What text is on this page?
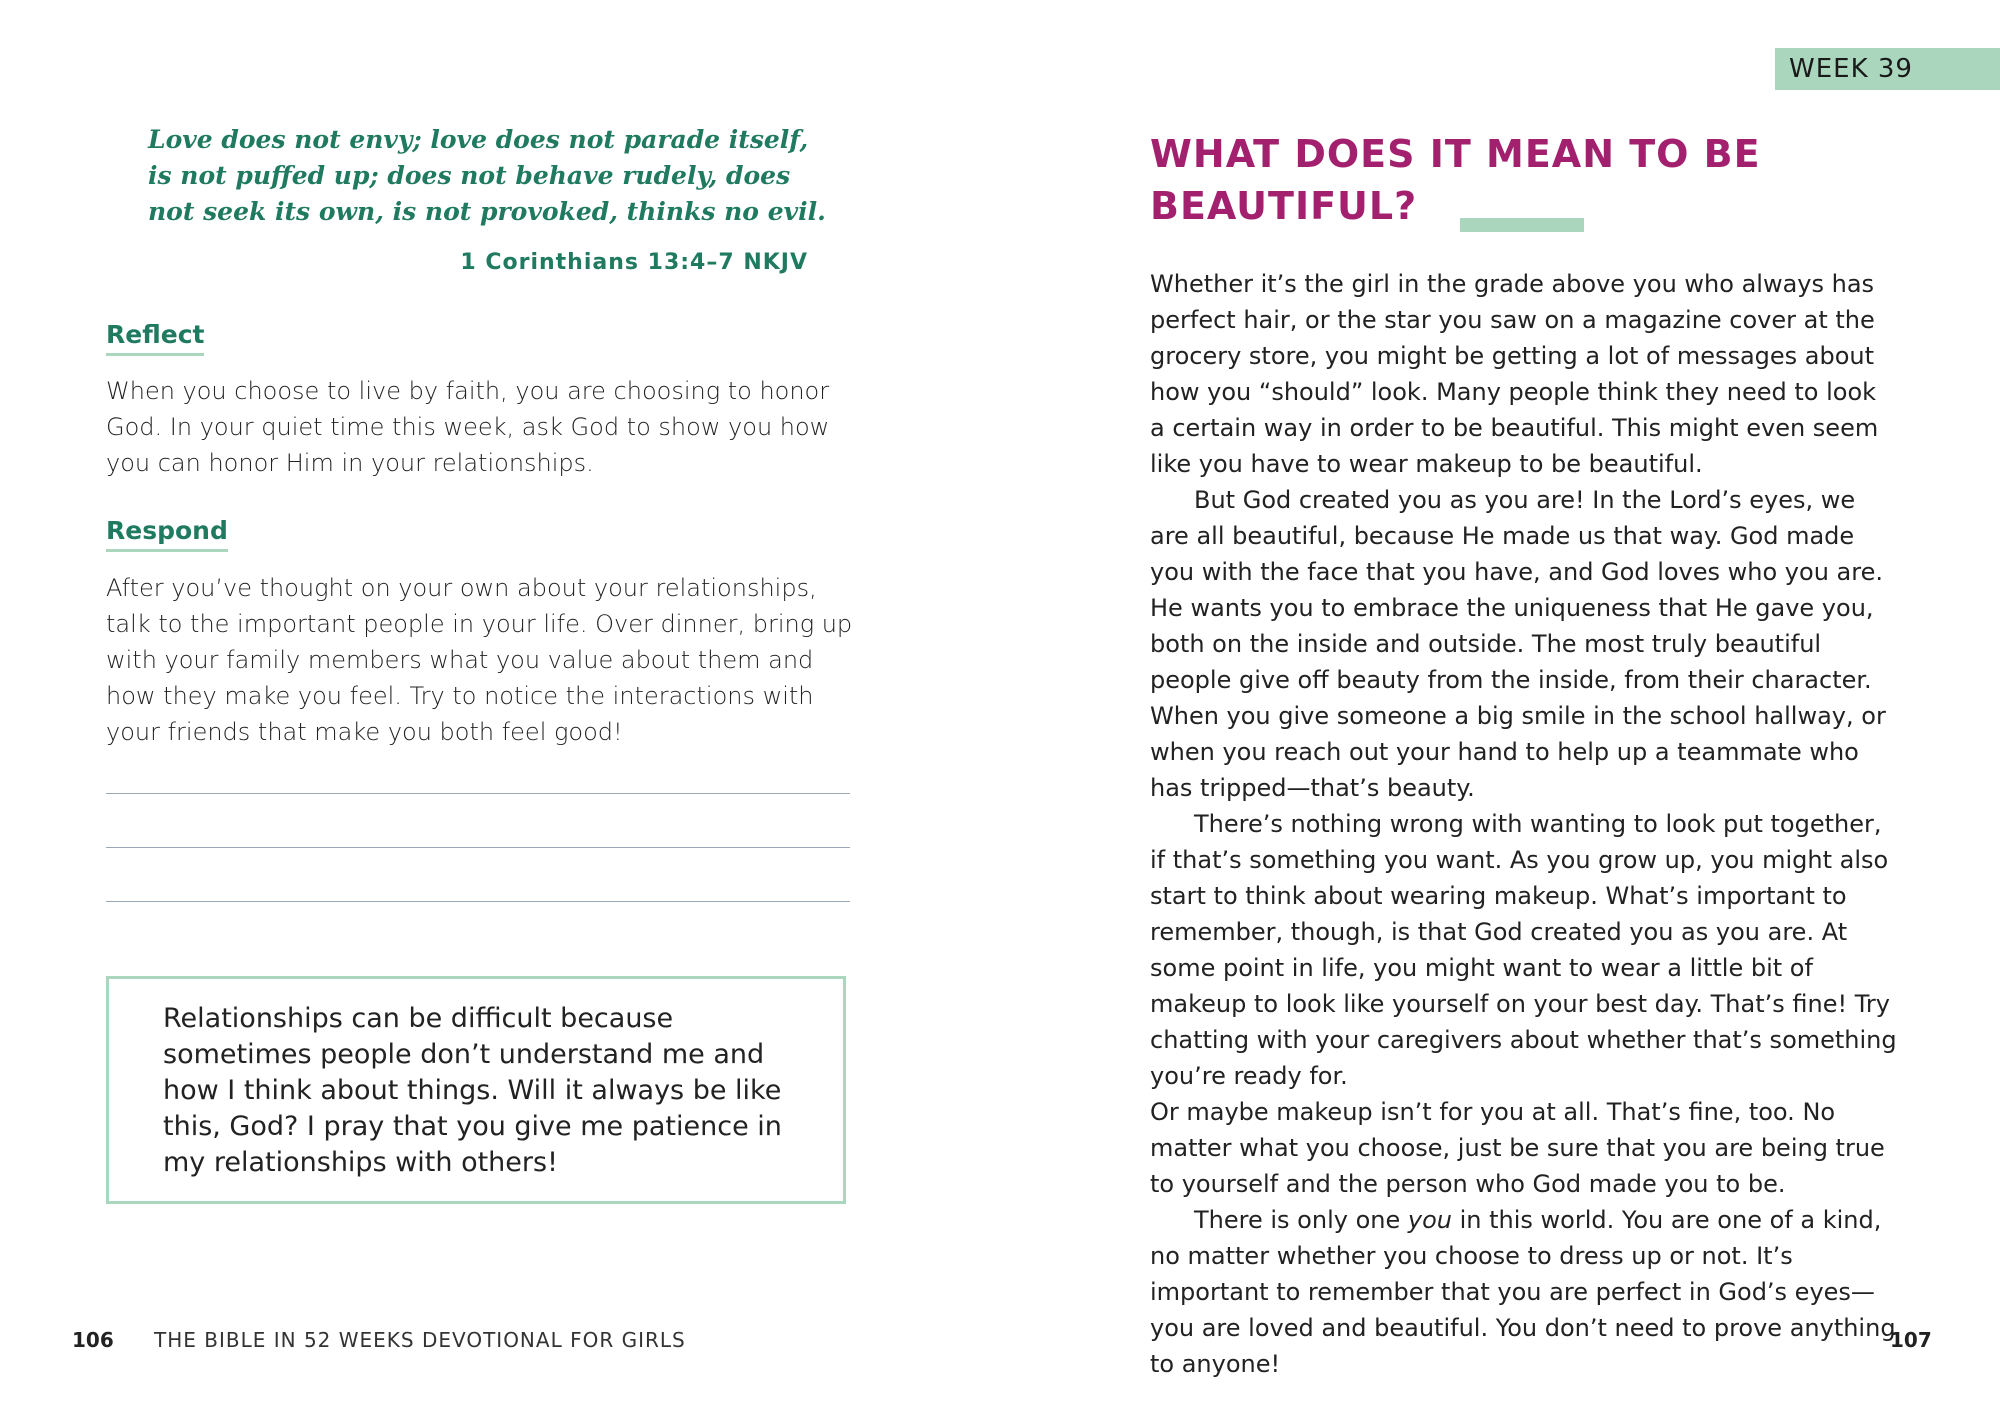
Love does not envy; love does not parade itself, is not puffed up; does not behave rudely, does not seek its own, is not provoked, thinks no evil.

1 Corinthians 13:4–7 NKJV
Reflect

When you choose to live by faith, you are choosing to honor God. In your quiet time this week, ask God to show you how you can honor Him in your relationships.

Respond

After you’ve thought on your own about your relationships, talk to the important people in your life. Over dinner, bring up with your family members what you value about them and how they make you feel. Try to notice the interactions with your friends that make you both feel good!

Relationships can be difficult because sometimes people don’t understand me and how I think about things. Will it always be like this, God? I pray that you give me patience in my relationships with others!

106 THE BIBLE IN 52 WEEKS DEVOTIONAL FOR GIRLS
WEEK 39
WHAT DOES IT MEAN TO BE BEAUTIFUL?

Whether it’s the girl in the grade above you who always has perfect hair, or the star you saw on a magazine cover at the grocery store, you might be getting a lot of messages about how you “should” look. Many people think they need to look a certain way in order to be beautiful. This might even seem like you have to wear makeup to be beautiful.

But God created you as you are! In the Lord’s eyes, we are all beautiful, because He made us that way. God made you with the face that you have, and God loves who you are. He wants you to embrace the uniqueness that He gave you, both on the inside and outside. The most truly beautiful people give off beauty from the inside, from their character. When you give someone a big smile in the school hallway, or when you reach out your hand to help up a teammate who has tripped—that’s beauty.

There’s nothing wrong with wanting to look put together, if that’s something you want. As you grow up, you might also start to think about wearing makeup. What’s important to remember, though, is that God created you as you are. At some point in life, you might want to wear a little bit of makeup to look like yourself on your best day. That’s fine! Try chatting with your caregivers about whether that’s something you’re ready for.

Or maybe makeup isn’t for you at all. That’s fine, too. No matter what you choose, just be sure that you are being true to yourself and the person who God made you to be.

There is only one you in this world. You are one of a kind, no matter whether you choose to dress up or not. It’s important to remember that you are perfect in God’s eyes—you are loved and beautiful. You don’t need to prove anything to anyone!

107
